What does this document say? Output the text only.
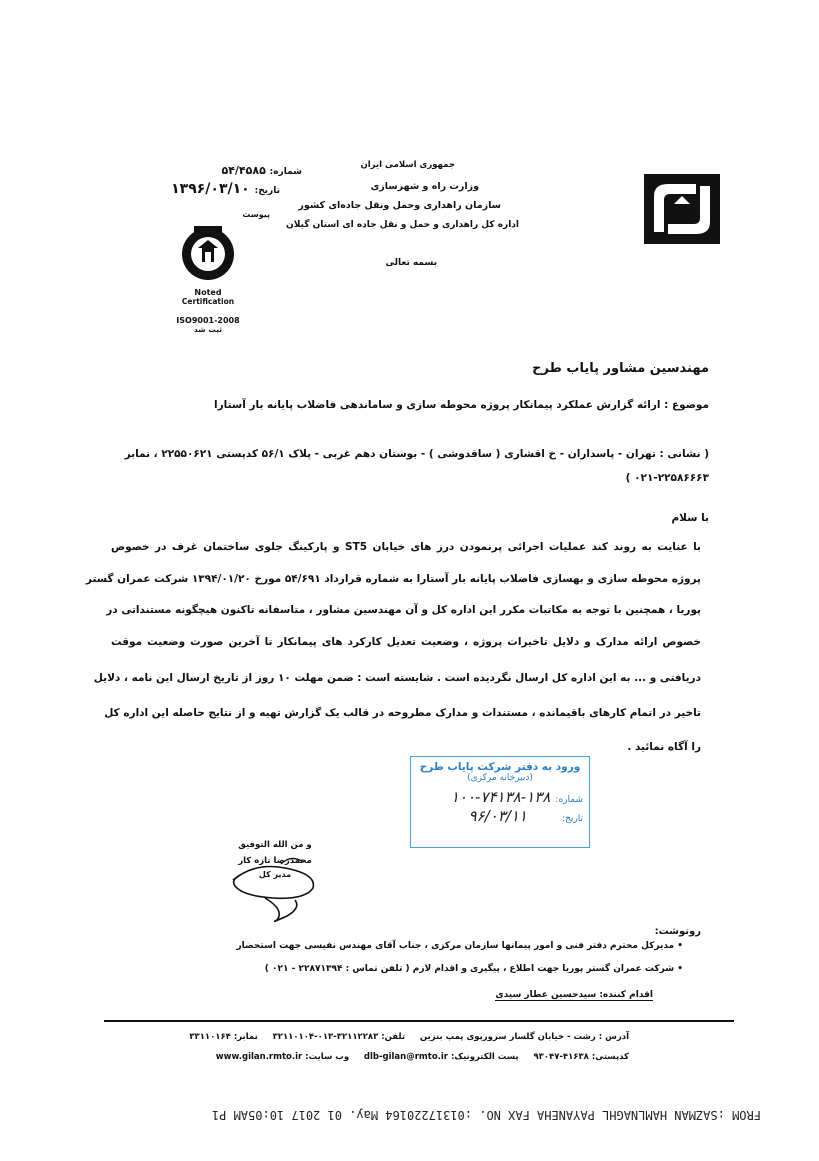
جمهوری اسلامی ایران
وزارت راه و شهرسازی
سازمان راهداری وحمل ونقل جاده‌ای کشور
اداره کل راهداری و حمل و نقل جاده ای استان گیلان
بسمه تعالی
شماره: ۵۴/۴۵۸۵
تاریخ: ۱۳۹۶/۰۳/۱۰
پیوست
Noted
Certification
ISO9001-2008
ثبت شد
مهندسین مشاور پایاب طرح
موضوع : ارائه گزارش عملکرد پیمانکار پروژه محوطه سازی و ساماندهی فاضلاب پایانه بار آستارا
( نشانی : تهران - پاسداران - خ اقشاری ( ساقدوشی ) - بوستان دهم غربی - پلاک ۵۶/۱ کدپستی ۲۲۵۵۰۶۲۱ ، نمابر
۰۲۱-۲۲۵۸۶۶۶۳ )
با سلام
با عنایت به روند کند عملیات اجرائی پرنمودن درز های خیابان ST5 و پارکینگ جلوی ساختمان غرف در خصوص
پروژه محوطه سازی و بهسازی فاضلاب پایانه بار آستارا به شماره قرارداد ۵۴/۶۹۱ مورخ ۱۳۹۴/۰۱/۲۰ شرکت عمران گستر
پوریا ، همچنین با توجه به مکاتبات مکرر این اداره کل و آن مهندسین مشاور ، متاسفانه تاکنون هیچگونه مستنداتی در
خصوص ارائه مدارک و دلایل تاخیرات پروژه ، وضعیت تعدیل کارکرد های پیمانکار تا آخرین صورت وضعیت موقت
دریافتی و ... به این اداره کل ارسال نگردیده است . شایسته است : ضمن مهلت ۱۰ روز از تاریخ ارسال این نامه ، دلایل
تاخیر در اتمام کارهای باقیمانده ، مستندات و مدارک مطروحه در قالب یک گزارش تهیه و از نتایج حاصله این اداره کل
را آگاه نمائید .
ورود به دفتر شرکت پایاب طرح
(دبیرخانه مرکزی)
شماره: ۱۳۸-۷۴۱۳۸-۱۰۰
تاریخ: ۹۶/۰۳/۱۱
و من الله التوفیق
محمدرضا تازه کار
مدیر کل
رونوشت:
• مدیرکل محترم دفتر فنی و امور پیمانها سازمان مرکزی ، جناب آقای مهندس نفیسی جهت استحضار
• شرکت عمران گستر پوریا جهت اطلاع ، پیگیری و اقدام لازم ( تلفن تماس : ۲۲۸۷۱۳۹۴ - ۰۲۱ )
اقدام کننده: سیدحسین عطار سیدی
آدرس : رشت - خیابان گلسار سرورپوی پمپ بنزین     تلفن: ۳۲۱۱۲۲۸۳-۰۱۳-۳۲۱۱۰۱۰۴     نمابر: ۳۳۱۱۰۱۶۴
کدپستی: ۴۱۶۳۸-۹۳۰۴۷     پست الکترونیک: dlb-gilan@rmto.ir     وب سایت: www.gilan.rmto.ir
FROM :SAZMAN HAMLNAGHL PAYANEHA FAX NO. :01317220164 May. 01 2017 10:05AM P1
